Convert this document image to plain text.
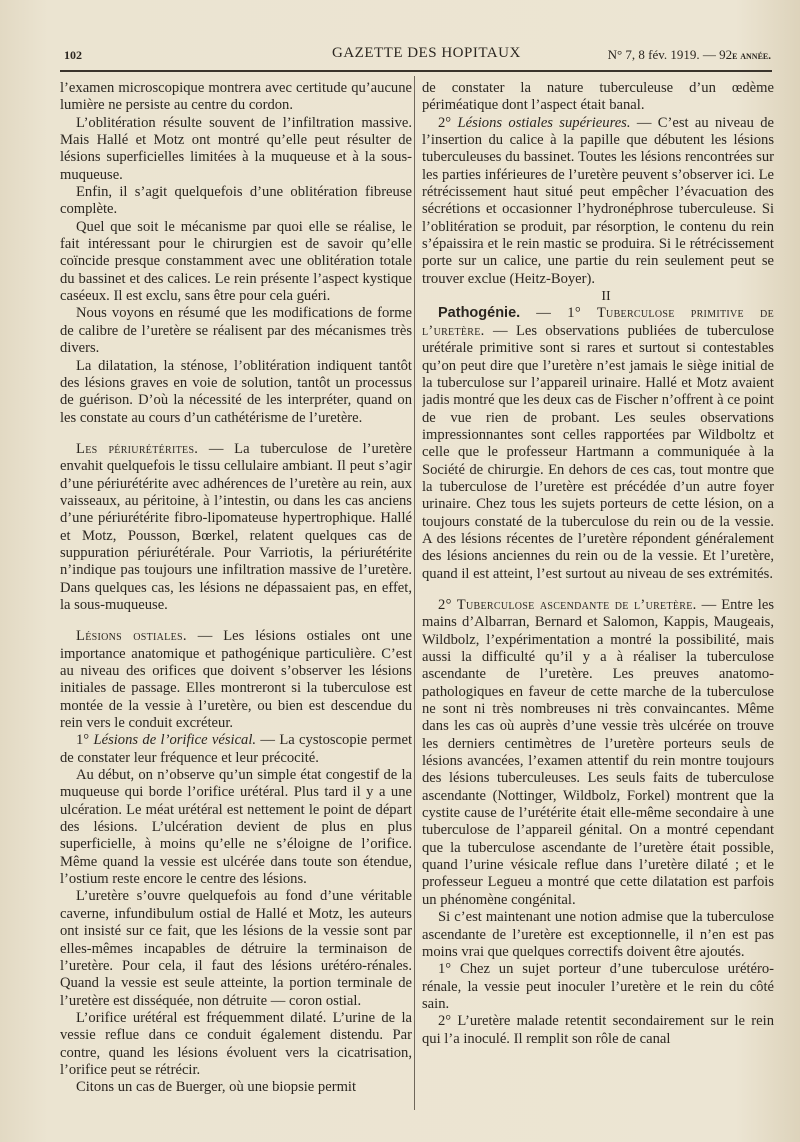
102	GAZETTE DES HOPITAUX	N° 7, 8 fév. 1919. — 92e année.

l’examen microscopique montrera avec certitude qu’aucune lumière ne persiste au centre du cordon.

L’oblitération résulte souvent de l’infiltration massive. Mais Hallé et Motz ont montré qu’elle peut résulter de lésions superficielles limitées à la muqueuse et à la sous-muqueuse.

Enfin, il s’agit quelquefois d’une oblitération fibreuse complète.

Quel que soit le mécanisme par quoi elle se réalise, le fait intéressant pour le chirurgien est de savoir qu’elle coïncide presque constamment avec une oblitération totale du bassinet et des calices. Le rein présente l’aspect kystique caséeux. Il est exclu, sans être pour cela guéri.

Nous voyons en résumé que les modifications de forme de calibre de l’uretère se réalisent par des mécanismes très divers.

La dilatation, la sténose, l’oblitération indiquent tantôt des lésions graves en voie de solution, tantôt un processus de guérison. D’où la nécessité de les interpréter, quand on les constate au cours d’un cathétérisme de l’uretère.

Les périurétérites. — La tuberculose de l’uretère envahit quelquefois le tissu cellulaire ambiant. Il peut s’agir d’une périurétérite avec adhérences de l’uretère au rein, aux vaisseaux, au péritoine, à l’intestin, ou dans les cas anciens d’une périurétérite fibro-lipomateuse hypertrophique. Hallé et Motz, Pousson, Bœrkel, relatent quelques cas de suppuration périurétérale. Pour Varriotis, la périurétérite n’indique pas toujours une infiltration massive de l’uretère. Dans quelques cas, les lésions ne dépassaient pas, en effet, la sous-muqueuse.

Lésions ostiales. — Les lésions ostiales ont une importance anatomique et pathogénique particulière. C’est au niveau des orifices que doivent s’observer les lésions initiales de passage. Elles montreront si la tuberculose est montée de la vessie à l’uretère, ou bien est descendue du rein vers le conduit excréteur.

1° Lésions de l’orifice vésical. — La cystoscopie permet de constater leur fréquence et leur précocité.

Au début, on n’observe qu’un simple état congestif de la muqueuse qui borde l’orifice urétéral. Plus tard il y a une ulcération. Le méat urétéral est nettement le point de départ des lésions. L’ulcération devient de plus en plus superficielle, à moins qu’elle ne s’éloigne de l’orifice. Même quand la vessie est ulcérée dans toute son étendue, l’ostium reste encore le centre des lésions.

L’uretère s’ouvre quelquefois au fond d’une véritable caverne, infundibulum ostial de Hallé et Motz, les auteurs ont insisté sur ce fait, que les lésions de la vessie sont par elles-mêmes incapables de détruire la terminaison de l’uretère. Pour cela, il faut des lésions urétéro-rénales. Quand la vessie est seule atteinte, la portion terminale de l’uretère est disséquée, non détruite — coron ostial.

L’orifice urétéral est fréquemment dilaté. L’urine de la vessie reflue dans ce conduit également distendu. Par contre, quand les lésions évoluent vers la cicatrisation, l’orifice peut se rétrécir.

Citons un cas de Buerger, où une biopsie permit

de constater la nature tuberculeuse d’un œdème périméatique dont l’aspect était banal.

2° Lésions ostiales supérieures. — C’est au niveau de l’insertion du calice à la papille que débutent les lésions tuberculeuses du bassinet. Toutes les lésions rencontrées sur les parties inférieures de l’uretère peuvent s’observer ici. Le rétrécissement haut situé peut empêcher l’évacuation des sécrétions et occasionner l’hydronéphrose tuberculeuse. Si l’oblitération se produit, par résorption, le contenu du rein s’épaissira et le rein mastic se produira. Si le rétrécissement porte sur un calice, une partie du rein seulement peut se trouver exclue (Heitz-Boyer).

II

Pathogénie. — 1° Tuberculose primitive de l’uretère. — Les observations publiées de tuberculose urétérale primitive sont si rares et surtout si contestables qu’on peut dire que l’uretère n’est jamais le siège initial de la tuberculose sur l’appareil urinaire. Hallé et Motz avaient jadis montré que les deux cas de Fischer n’offrent à ce point de vue rien de probant. Les seules observations impressionnantes sont celles rapportées par Wildboltz et celle que le professeur Hartmann a communiquée à la Société de chirurgie. En dehors de ces cas, tout montre que la tuberculose de l’uretère est précédée d’un autre foyer urinaire. Chez tous les sujets porteurs de cette lésion, on a toujours constaté de la tuberculose du rein ou de la vessie. A des lésions récentes de l’uretère répondent généralement des lésions anciennes du rein ou de la vessie. Et l’uretère, quand il est atteint, l’est surtout au niveau de ses extrémités.

2° Tuberculose ascendante de l’uretère. — Entre les mains d’Albarran, Bernard et Salomon, Kappis, Maugeais, Wildbolz, l’expérimentation a montré la possibilité, mais aussi la difficulté qu’il y a à réaliser la tuberculose ascendante de l’uretère. Les preuves anatomo-pathologiques en faveur de cette marche de la tuberculose ne sont ni très nombreuses ni très convaincantes. Même dans les cas où auprès d’une vessie très ulcérée on trouve les derniers centimètres de l’uretère porteurs seuls de lésions avancées, l’examen attentif du rein montre toujours des lésions tuberculeuses. Les seuls faits de tuberculose ascendante (Nottinger, Wildbolz, Forkel) montrent que la cystite cause de l’urétérite était elle-même secondaire à une tuberculose de l’appareil génital. On a montré cependant que la tuberculose ascendante de l’uretère était possible, quand l’urine vésicale reflue dans l’uretère dilaté ; et le professeur Legueu a montré que cette dilatation est parfois un phénomène congénital.

Si c’est maintenant une notion admise que la tuberculose ascendante de l’uretère est exceptionnelle, il n’en est pas moins vrai que quelques correctifs doivent être ajoutés.

1° Chez un sujet porteur d’une tuberculose urétéro-rénale, la vessie peut inoculer l’uretère et le rein du côté sain.

2° L’uretère malade retentit secondairement sur le rein qui l’a inoculé. Il remplit son rôle de canal
